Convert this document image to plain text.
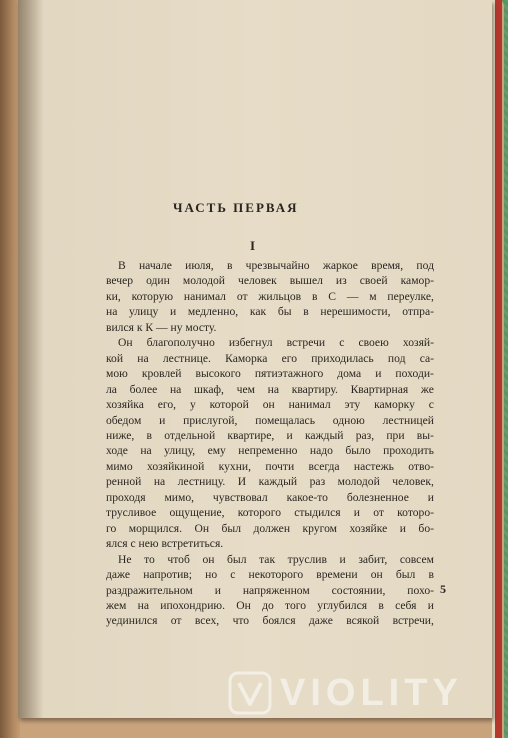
ЧАСТЬ ПЕРВАЯ
I
В начале июля, в чрезвычайно жаркое время, под
вечер один молодой человек вышел из своей камор-
ки, которую нанимал от жильцов в С — м переулке,
на улицу и медленно, как бы в нерешимости, отпра-
вился к К — ну мосту.
Он благополучно избегнул встречи с своею хозяй-
кой на лестнице. Каморка его приходилась под са-
мою кровлей высокого пятиэтажного дома и походи-
ла более на шкаф, чем на квартиру. Квартирная же
хозяйка его, у которой он нанимал эту каморку с
обедом и прислугой, помещалась одною лестницей
ниже, в отдельной квартире, и каждый раз, при вы-
ходе на улицу, ему непременно надо было проходить
мимо хозяйкиной кухни, почти всегда настежь отво-
ренной на лестницу. И каждый раз молодой человек,
проходя мимо, чувствовал какое-то болезненное и
трусливое ощущение, которого стыдился и от которо-
го морщился. Он был должен кругом хозяйке и бо-
ялся с нею встретиться.
Не то чтоб он был так труслив и забит, совсем
даже напротив; но с некоторого времени он был в
раздражительном и напряженном состоянии, похо-
жем на ипохондрию. Он до того углубился в себя и
уединился от всех, что боялся даже всякой встречи,
5
VIOLITY
